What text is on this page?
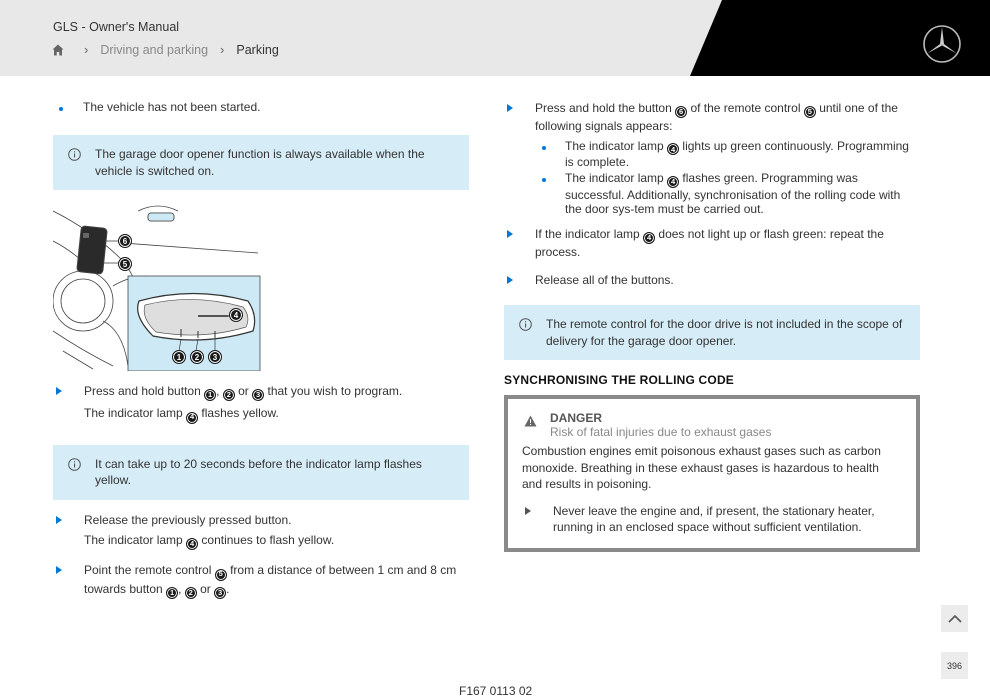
GLS - Owner's Manual
› Driving and parking › Parking
The vehicle has not been started.
The garage door opener function is always available when the vehicle is switched on.
6
5
4
1	2	3

Press and hold button 1 , 2 or 3 that you wish to program.

The indicator lamp 4 flashes yellow.

It can take up to 20 seconds before the indicator lamp flashes yellow.

Release the previously pressed button.

The indicator lamp 4 continues to flash yellow.

Point the remote control 5 from a distance of between 1 cm and 8 cm towards button 1 , 2 or 3 .

Press and hold the button 6 of the remote control 5 until one of the following signals appears:

The indicator lamp 4 lights up green continuously. Programming is complete.
The indicator lamp 4 flashes green. Programming was successful. Additionally, synchronisation of the rolling code with the door sys-tem must be carried out.

If the indicator lamp 4 does not light up or flash green: repeat the process.

Release all of the buttons.

The remote control for the door drive is not included in the scope of delivery for the garage door opener.
SYNCHRONISING THE ROLLING CODE
DANGER
Risk of fatal injuries due to exhaust gases

Combustion engines emit poisonous exhaust gases such as carbon monoxide. Breathing in these exhaust gases is hazardous to health and results in poisoning.

Never leave the engine and, if present, the stationary heater, running in an enclosed space without sufficient ventilation.

F167 0113 02
396
